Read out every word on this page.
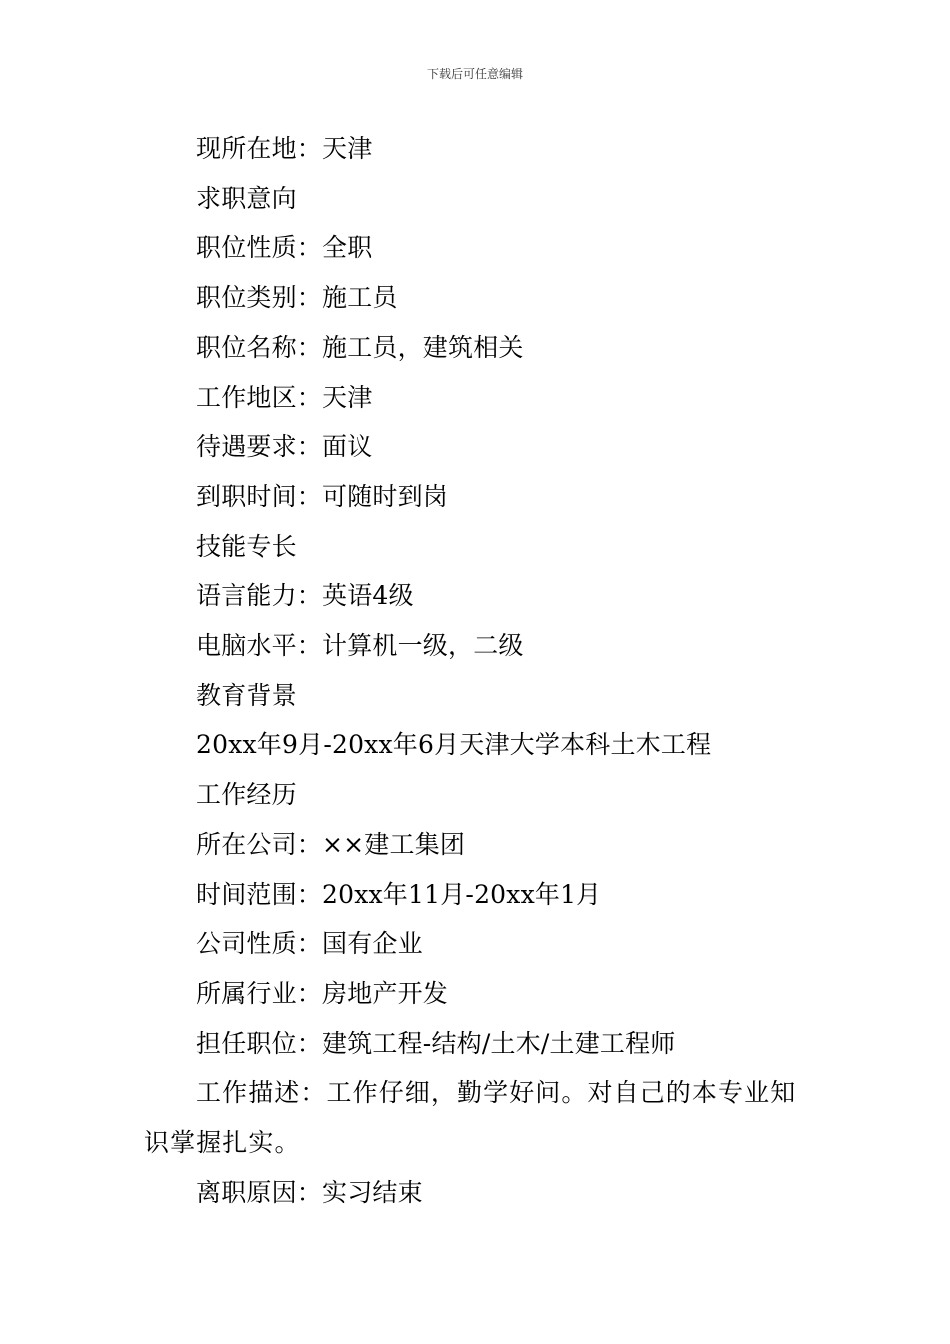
下载后可任意编辑
现所在地：天津
求职意向
职位性质：全职
职位类别：施工员
职位名称：施工员，建筑相关
工作地区：天津
待遇要求：面议
到职时间：可随时到岗
技能专长
语言能力：英语4级
电脑水平：计算机一级，二级
教育背景
20xx年9月-20xx年6月天津大学本科土木工程
工作经历
所在公司：××建工集团
时间范围：20xx年11月-20xx年1月
公司性质：国有企业
所属行业：房地产开发
担任职位：建筑工程-结构/土木/土建工程师
工作描述：工作仔细，勤学好问。对自己的本专业知识掌握扎实。
离职原因：实习结束
